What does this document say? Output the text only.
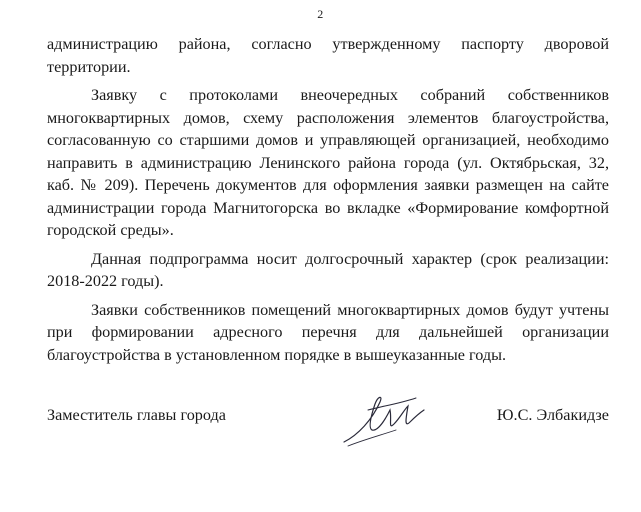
2

администрацию района, согласно утвержденному паспорту дворовой территории.

Заявку с протоколами внеочередных собраний собственников многоквартирных домов, схему расположения элементов благоустройства, согласованную со старшими домов и управляющей организацией, необходимо направить в администрацию Ленинского района города (ул. Октябрьская, 32, каб. № 209). Перечень документов для оформления заявки размещен на сайте администрации города Магнитогорска во вкладке «Формирование комфортной городской среды».

Данная подпрограмма носит долгосрочный характер (срок реализации: 2018-2022 годы).

Заявки собственников помещений многоквартирных домов будут учтены при формировании адресного перечня для дальнейшей организации благоустройства в установленном порядке в вышеуказанные годы.

Заместитель главы города	Ю.С. Элбакидзе
